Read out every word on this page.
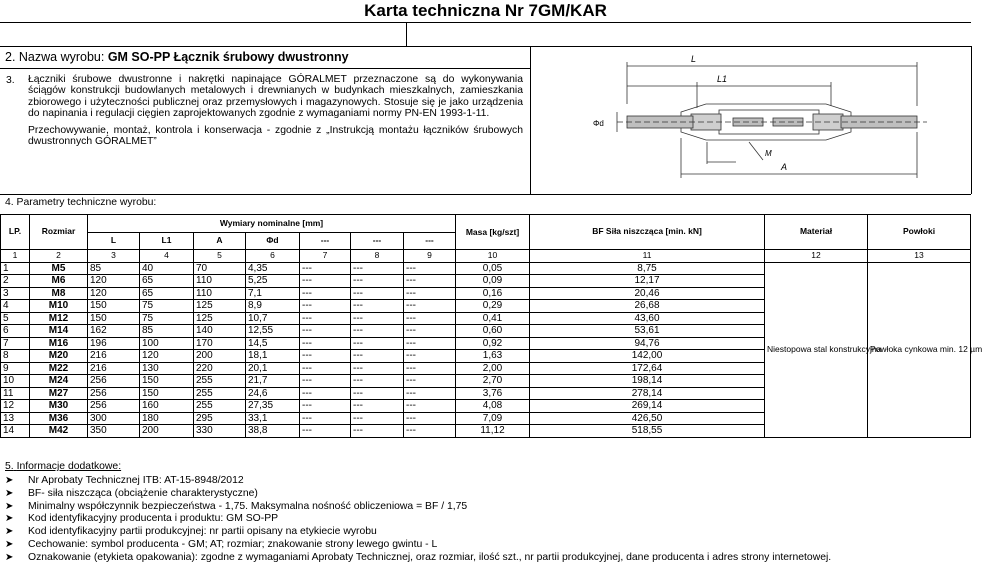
Karta techniczna Nr 7GM/KAR
2. Nazwa wyrobu: GM SO-PP Łącznik śrubowy dwustronny
3. Łączniki śrubowe dwustronne i nakrętki napinające GÓRALMET przeznaczone są do wykonywania ściągów konstrukcji budowlanych metalowych i drewnianych w budynkach mieszkalnych, zamieszkania zbiorowego i użyteczności publicznej oraz przemysłowych i magazynowych. Stosuje się je jako urządzenia do napinania i regulacji cięgien zaprojektowanych zgodnie z wymaganiami normy PN-EN 1993-1-11.

Przechowywanie, montaż, kontrola i konserwacja - zgodnie z „Instrukcją montażu łączników śrubowych dwustronnych GÓRALMET”

L
L1
Φd
M
A
4. Parametry techniczne wyrobu:
LP.	Rozmiar	Wymiary nominalne [mm]							Masa [kg/szt]	BF Siła niszcząca [min. kN]	Materiał	Powłoki
		L	L1	A	Φd	---	---	---				
1	2	3	4	5	6	7	8	9	10	11	12	13
1	M5	85	40	70	4,35	---	---	---	0,05	8,75	Niestopowa stal konstrukcyjna	Powłoka cynkowa min. 12 µm
2	M6	120	65	110	5,25	---	---	---	0,09	12,17		
3	M8	120	65	110	7,1	---	---	---	0,16	20,46		
4	M10	150	75	125	8,9	---	---	---	0,29	26,68		
5	M12	150	75	125	10,7	---	---	---	0,41	43,60		
6	M14	162	85	140	12,55	---	---	---	0,60	53,61		
7	M16	196	100	170	14,5	---	---	---	0,92	94,76		
8	M20	216	120	200	18,1	---	---	---	1,63	142,00		
9	M22	216	130	220	20,1	---	---	---	2,00	172,64		
10	M24	256	150	255	21,7	---	---	---	2,70	198,14		
11	M27	256	150	255	24,6	---	---	---	3,76	278,14		
12	M30	256	160	255	27,35	---	---	---	4,08	269,14		
13	M36	300	180	295	33,1	---	---	---	7,09	426,50		
14	M42	350	200	330	38,8	---	---	---	11,12	518,55		
5. Informacje dodatkowe:
➤ Nr Aprobaty Technicznej ITB: AT-15-8948/2012
➤ BF- siła niszcząca (obciążenie charakterystyczne)
➤ Minimalny współczynnik bezpieczeństwa - 1,75. Maksymalna nośność obliczeniowa = BF / 1,75
➤ Kod identyfikacyjny producenta i produktu: GM SO-PP
➤ Kod identyfikacyjny partii produkcyjnej: nr partii opisany na etykiecie wyrobu
➤ Cechowanie: symbol producenta - GM; AT; rozmiar; znakowanie strony lewego gwintu - L
➤ Oznakowanie (etykieta opakowania): zgodne z wymaganiami Aprobaty Technicznej, oraz rozmiar, ilość szt., nr partii produkcyjnej, dane producenta i adres strony internetowej.
